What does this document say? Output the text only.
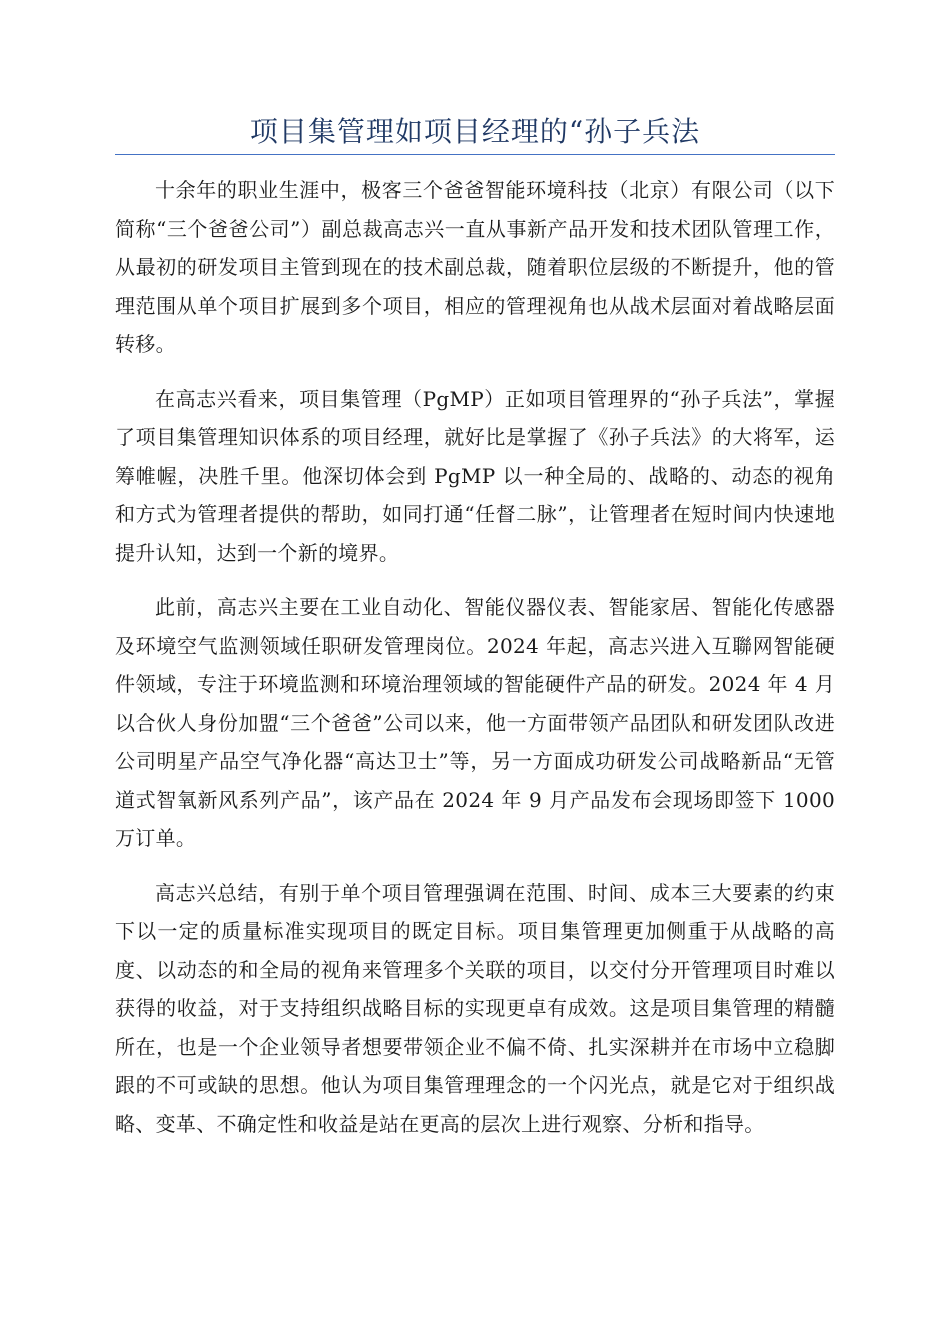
项目集管理如项目经理的“孙子兵法

十余年的职业生涯中，极客三个爸爸智能环境科技（北京）有限公司（以下简称“三个爸爸公司”）副总裁高志兴一直从事新产品开发和技术团队管理工作，从最初的研发项目主管到现在的技术副总裁，随着职位层级的不断提升，他的管理范围从单个项目扩展到多个项目，相应的管理视角也从战术层面对着战略层面转移。

在高志兴看来，项目集管理（PgMP）正如项目管理界的“孙子兵法”，掌握了项目集管理知识体系的项目经理，就好比是掌握了《孙子兵法》的大将军，运筹帷幄，决胜千里。他深切体会到 PgMP 以一种全局的、战略的、动态的视角和方式为管理者提供的帮助，如同打通“任督二脉”，让管理者在短时间内快速地提升认知，达到一个新的境界。

此前，高志兴主要在工业自动化、智能仪器仪表、智能家居、智能化传感器及环境空气监测领域任职研发管理岗位。2024 年起，高志兴进入互聯网智能硬件领域，专注于环境监测和环境治理领域的智能硬件产品的研发。2024 年 4 月以合伙人身份加盟“三个爸爸”公司以来，他一方面带领产品团队和研发团队改进公司明星产品空气净化器“高达卫士”等，另一方面成功研发公司战略新品“无管道式智氧新风系列产品”，该产品在 2024 年 9 月产品发布会现场即签下 1000 万订单。

高志兴总结，有别于单个项目管理强调在范围、时间、成本三大要素的约束下以一定的质量标准实现项目的既定目标。项目集管理更加侧重于从战略的高度、以动态的和全局的视角来管理多个关联的项目，以交付分开管理项目时难以获得的收益，对于支持组织战略目标的实现更卓有成效。这是项目集管理的精髓所在，也是一个企业领导者想要带领企业不偏不倚、扎实深耕并在市场中立稳脚跟的不可或缺的思想。他认为项目集管理理念的一个闪光点，就是它对于组织战略、变革、不确定性和收益是站在更高的层次上进行观察、分析和指导。
